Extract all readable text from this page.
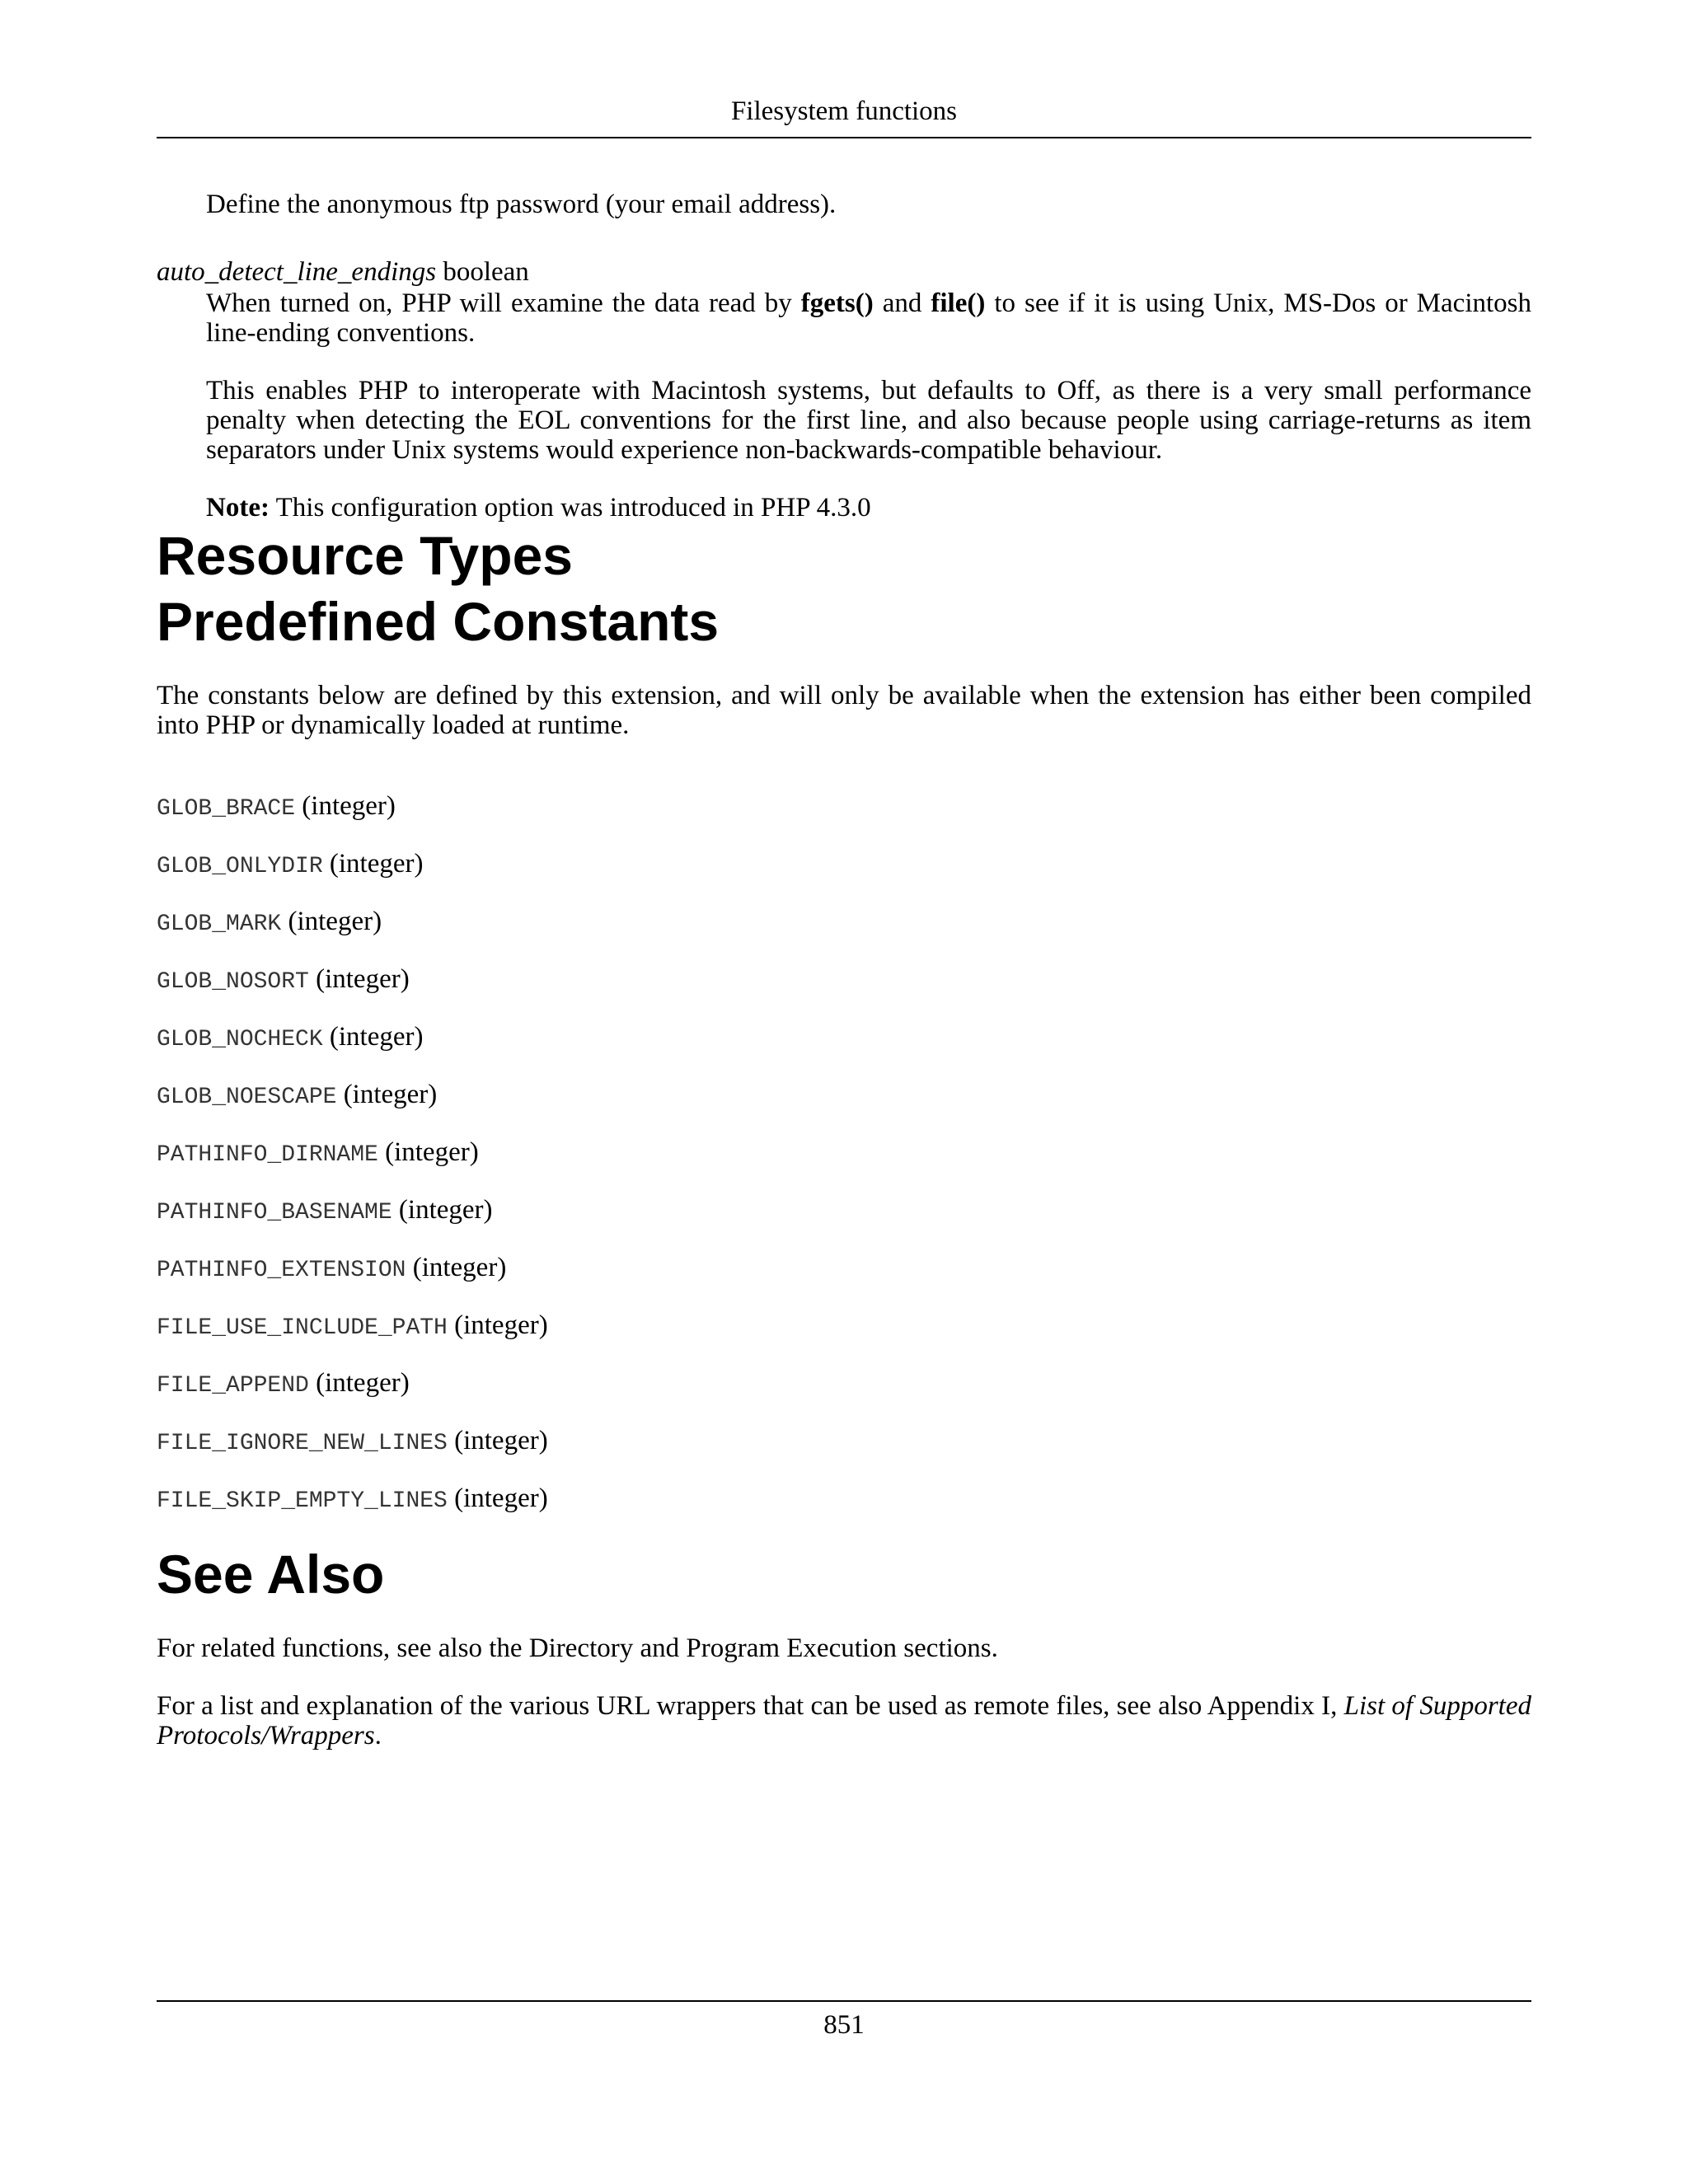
Filesystem functions

Define the anonymous ftp password (your email address).

auto_detect_line_endings boolean

When turned on, PHP will examine the data read by fgets() and file() to see if it is using Unix, MS-Dos or Macintosh line-ending conventions.

This enables PHP to interoperate with Macintosh systems, but defaults to Off, as there is a very small performance penalty when detecting the EOL conventions for the first line, and also because people using carriage-returns as item separators under Unix systems would experience non-backwards-compatible behaviour.

Note: This configuration option was introduced in PHP 4.3.0

Resource Types
Predefined Constants

The constants below are defined by this extension, and will only be available when the extension has either been compiled into PHP or dynamically loaded at runtime.

GLOB_BRACE (integer)
GLOB_ONLYDIR (integer)
GLOB_MARK (integer)
GLOB_NOSORT (integer)
GLOB_NOCHECK (integer)
GLOB_NOESCAPE (integer)
PATHINFO_DIRNAME (integer)
PATHINFO_BASENAME (integer)
PATHINFO_EXTENSION (integer)
FILE_USE_INCLUDE_PATH (integer)
FILE_APPEND (integer)
FILE_IGNORE_NEW_LINES (integer)
FILE_SKIP_EMPTY_LINES (integer)
See Also

For related functions, see also the Directory and Program Execution sections.

For a list and explanation of the various URL wrappers that can be used as remote files, see also Appendix I, List of Supported Protocols/Wrappers.

851
